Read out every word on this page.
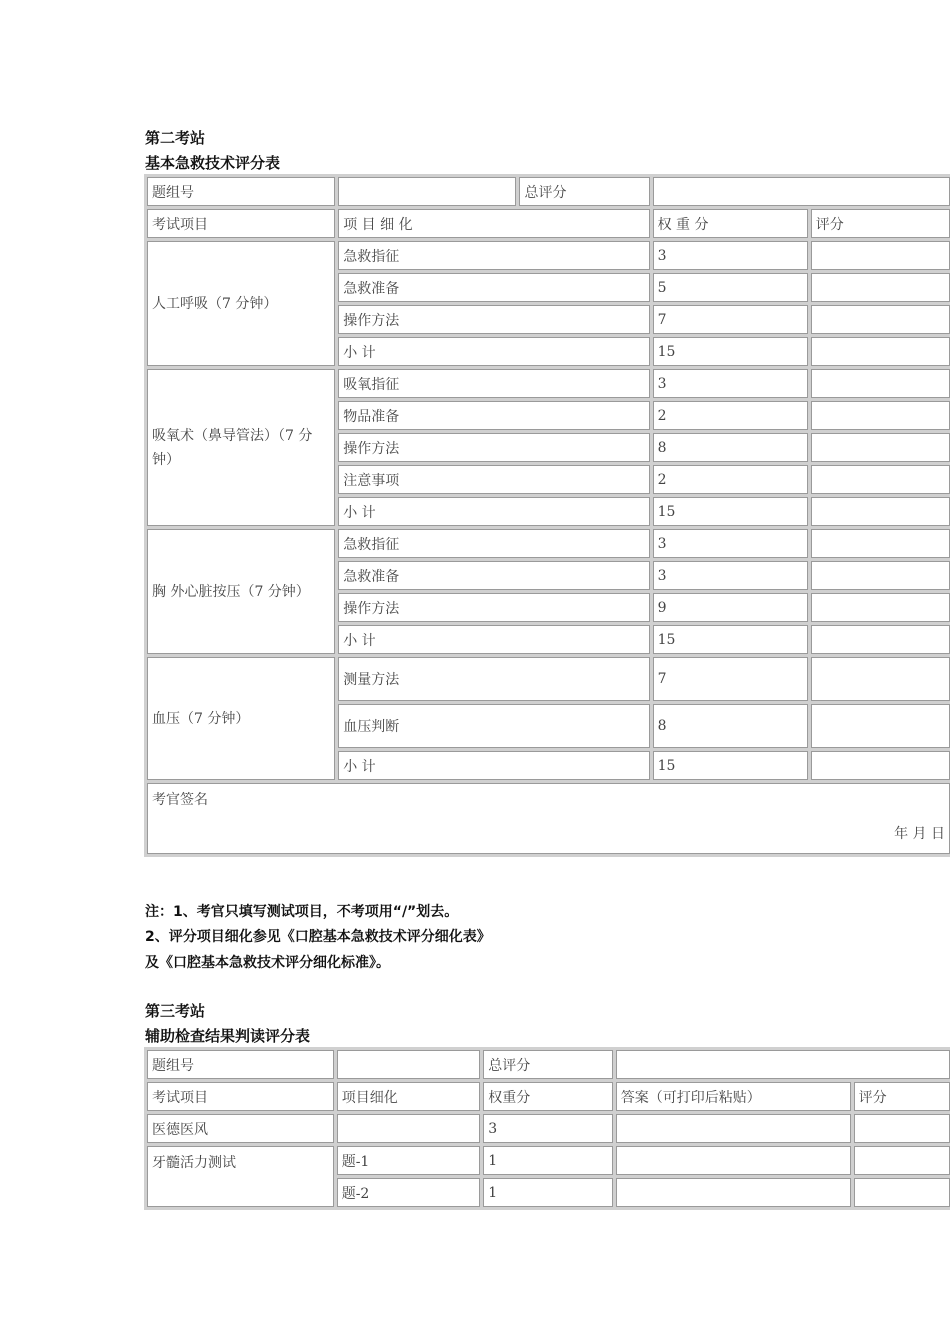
第二考站
基本急救技术评分表
题组号		总评分		
考试项目	项 目 细 化		权 重 分	评分
人工呼吸（7 分钟）	急救指征		3	
	急救准备		5	
	操作方法		7	
	小 计		15	
吸氧术（鼻导管法）（7 分钟）	吸氧指征		3	
	物品准备		2	
	操作方法		8	
	注意事项		2	
	小 计		15	
胸 外心脏按压（7 分钟）	急救指征		3	
	急救准备		3	
	操作方法		9	
	小 计		15	
血压（7 分钟）	测量方法		7	
	血压判断		8	
	小 计		15	

考官签名
年 月 日				
注：1、考官只填写测试项目，不考项用“/”划去。
2、评分项目细化参见《口腔基本急救技术评分细化表》
及《口腔基本急救技术评分细化标准》。
第三考站
辅助检查结果判读评分表
题组号		总评分		
考试项目	项目细化	权重分	答案（可打印后粘贴）	评分
医德医风		3		
牙髓活力测试	题-1	1		
	题-2	1		
